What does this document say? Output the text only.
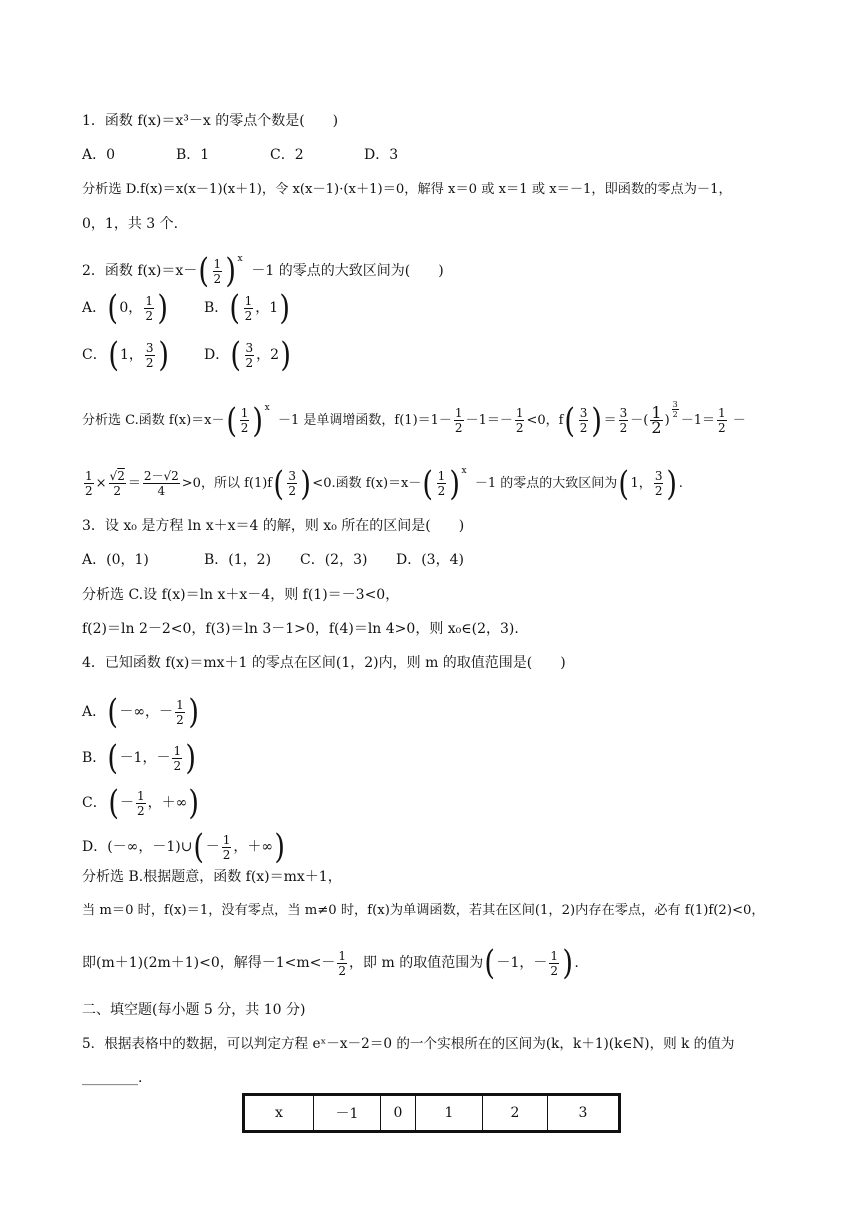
1．函数 f(x)＝x³－x 的零点个数是(　　)
A．0	B．1	C．2	D．3
分析选 D.f(x)＝x(x－1)(x＋1)，令 x(x－1)·(x＋1)＝0，解得 x＝0 或 x＝1 或 x＝－1，即函数的零点为－1，
0，1，共 3 个.
2．函数 f(x)＝x－ ( $\frac{1}{2}$ ) $^x$  －1 的零点的大致区间为(　　)
A． ( 0， $\frac{1}{2}$ )	B． ( $\frac{1}{2}$ ，1 )
C． ( 1， $\frac{3}{2}$ )	D． ( $\frac{3}{2}$ ，2 )
分析选 C.函数 f(x)＝x－ ( $\frac{1}{2}$ ) $^x$  －1 是单调增函数，$f(1)=1- \frac{1}{2} -1=- \frac{1}{2} <0$，f ( $\frac{3}{2}$ ) ＝ $\frac{3}{2}$ －( $\frac{1}{2}$ )
$^{\frac{3}{2}}$
$-1= \frac{1}{2}$ －
$\frac{1}{2} \times \frac{√2}{2} = \frac{2-√2}{4} >0$，所以 f(1)f ( $\frac{3}{2}$ ) <0.函数 f(x)＝x－ ( $\frac{1}{2}$ ) $^x$  －1 的零点的大致区间为 ( 1， $\frac{3}{2}$ ) .
3．设 x₀ 是方程 ln x＋x＝4 的解，则 x₀ 所在的区间是(　　)
A．(0，1)	B．(1，2) C．(2，3) D．(3，4)
分析选 C.设 f(x)＝ln x＋x－4，则 f(1)＝－3<0，
f(2)＝ln 2－2<0，f(3)＝ln 3－1>0，f(4)＝ln 4>0，则 x₀∈(2，3).
4．已知函数 f(x)＝mx＋1 的零点在区间(1，2)内，则 m 的取值范围是(　　)
A． ( －∞，－ $\frac{1}{2}$ )
B． ( －1，－ $\frac{1}{2}$ )
C． ( － $\frac{1}{2}$ ，＋∞ )
D．(－∞，－1)∪ ( － $\frac{1}{2}$ ，＋∞ )
分析选 B.根据题意，函数 f(x)＝mx＋1，
当 m＝0 时，f(x)＝1，没有零点，当 m≠0 时，f(x)为单调函数，若其在区间(1，2)内存在零点，必有 f(1)f(2)<0，
即(m＋1)(2m＋1)<0，解得$-1<m<- \frac{1}{2}$ ，即 m 的取值范围为 ( －1，－ $\frac{1}{2}$ ) .
二、填空题(每小题 5 分，共 10 分)
5．根据表格中的数据，可以判定方程 eˣ－x－2＝0 的一个实根所在的区间为(k，k＋1)(k∈N)，则 k 的值为
________.
x	－1	0	1	2	3
